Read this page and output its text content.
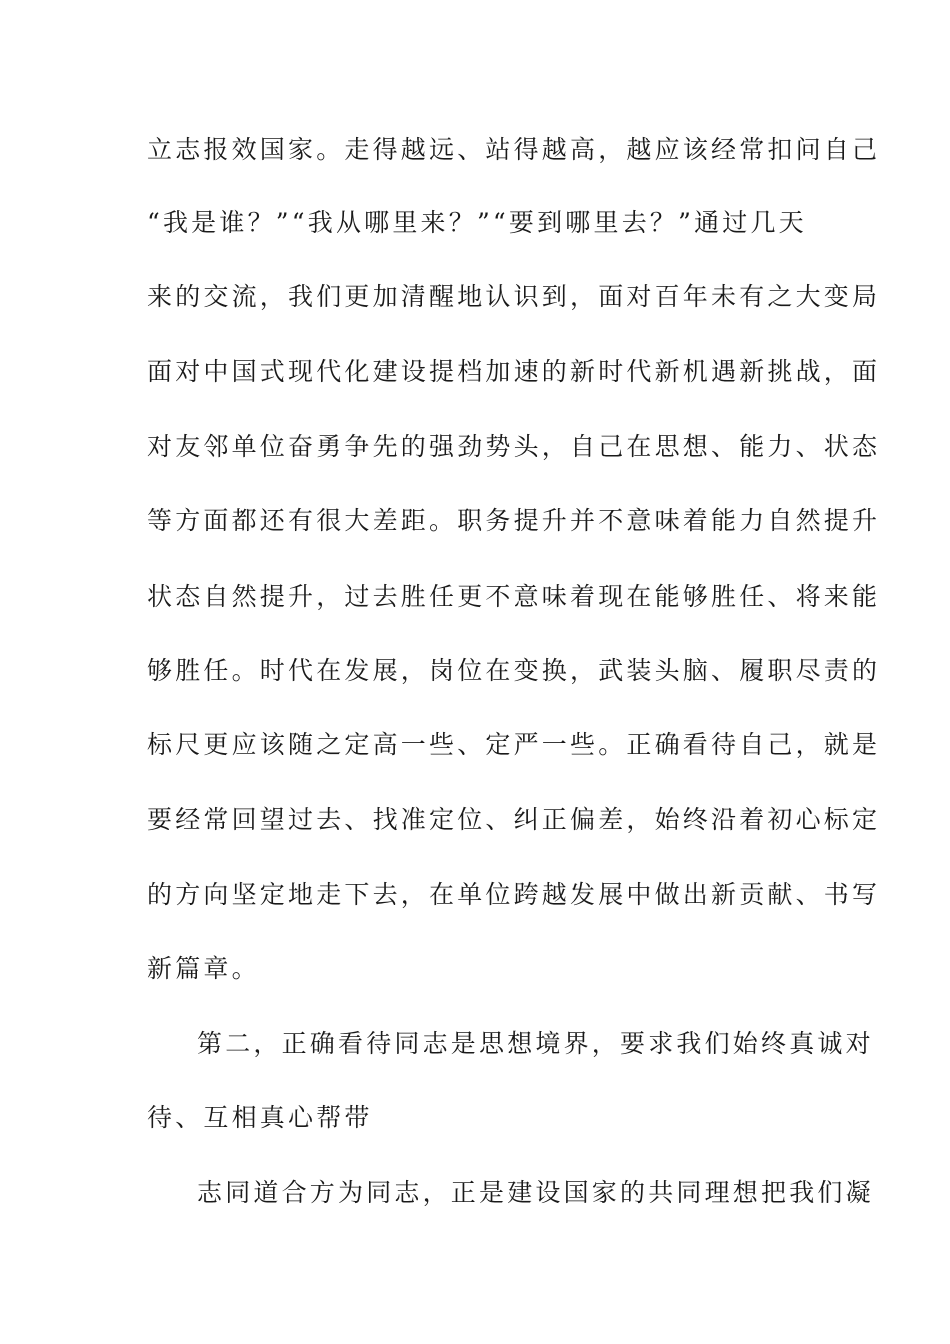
立志报效国家。走得越远、站得越高，越应该经常扣问自己
“我是谁？”“我从哪里来？”“要到哪里去？”通过几天
来的交流，我们更加清醒地认识到，面对百年未有之大变局
面对中国式现代化建设提档加速的新时代新机遇新挑战，面
对友邻单位奋勇争先的强劲势头，自己在思想、能力、状态
等方面都还有很大差距。职务提升并不意味着能力自然提升
状态自然提升，过去胜任更不意味着现在能够胜任、将来能
够胜任。时代在发展，岗位在变换，武装头脑、履职尽责的
标尺更应该随之定高一些、定严一些。正确看待自己，就是
要经常回望过去、找准定位、纠正偏差，始终沿着初心标定
的方向坚定地走下去，在单位跨越发展中做出新贡献、书写
新篇章。
第二，正确看待同志是思想境界，要求我们始终真诚对
待、互相真心帮带
志同道合方为同志，正是建设国家的共同理想把我们凝
